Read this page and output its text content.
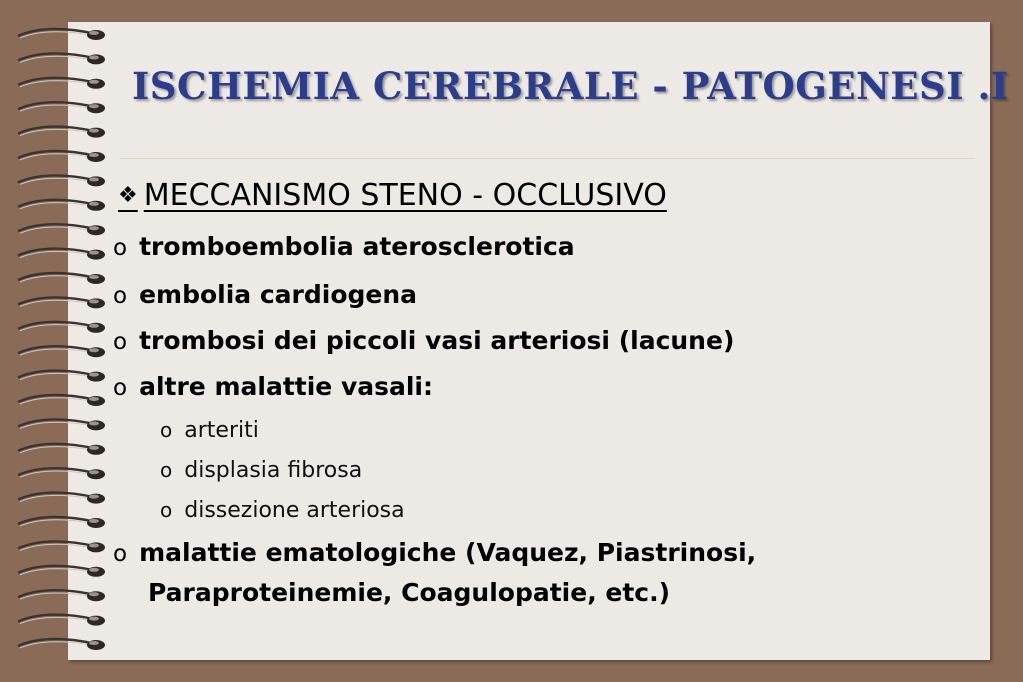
ISCHEMIA CEREBRALE - PATOGENESI .I
❖ MECCANISMO STENO - OCCLUSIVO
o tromboembolia aterosclerotica
o embolia cardiogena
o trombosi dei piccoli vasi arteriosi (lacune)
o altre malattie vasali:
o arteriti
o displasia fibrosa
o dissezione arteriosa
o malattie ematologiche (Vaquez, Piastrinosi,
Paraproteinemie, Coagulopatie, etc.)
